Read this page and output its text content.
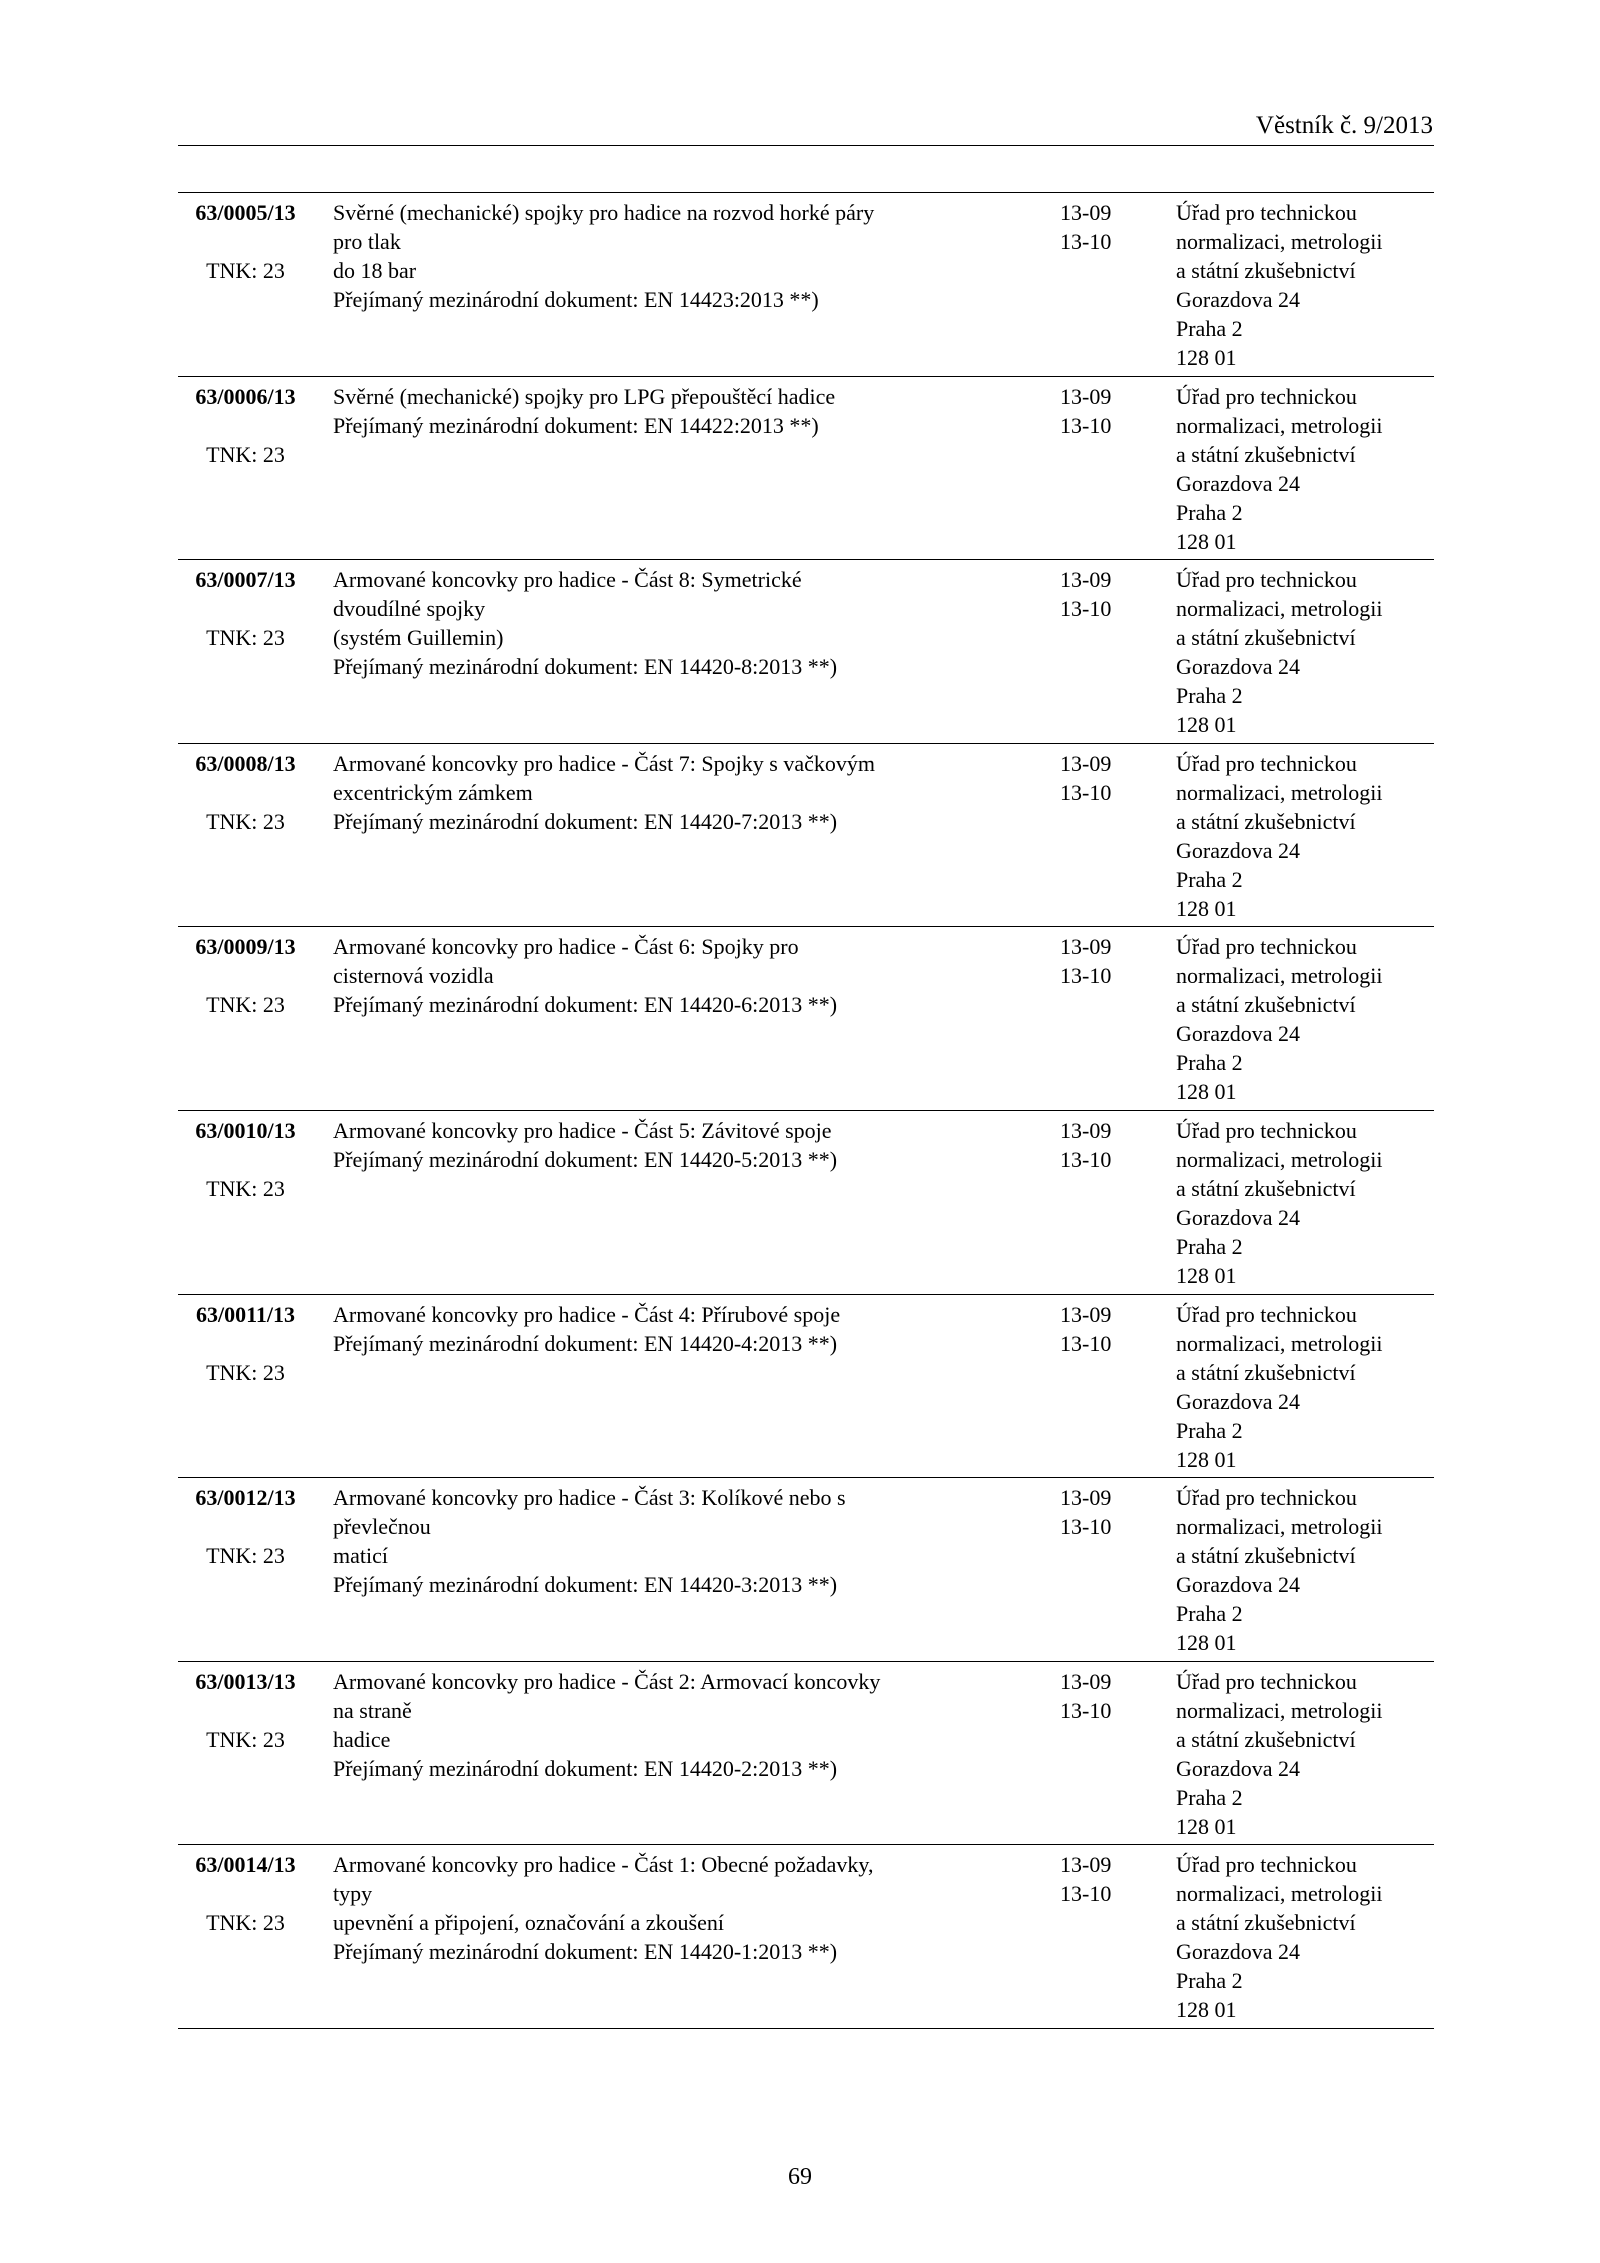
Věstník č. 9/2013
63/0005/13
TNK: 23
Svěrné (mechanické) spojky pro hadice na rozvod horké páry pro tlak
do 18 bar
Přejímaný mezinárodní dokument: EN 14423:2013 **)
13-09
13-10
Úřad pro technickou
normalizaci, metrologii
a státní zkušebnictví
Gorazdova 24
Praha 2
128 01
63/0006/13
TNK: 23
Svěrné (mechanické) spojky pro LPG přepouštěcí hadice
Přejímaný mezinárodní dokument: EN 14422:2013 **)
13-09
13-10
Úřad pro technickou
normalizaci, metrologii
a státní zkušebnictví
Gorazdova 24
Praha 2
128 01
63/0007/13
TNK: 23
Armované koncovky pro hadice - Část 8: Symetrické dvoudílné spojky
(systém Guillemin)
Přejímaný mezinárodní dokument: EN 14420-8:2013 **)
13-09
13-10
Úřad pro technickou
normalizaci, metrologii
a státní zkušebnictví
Gorazdova 24
Praha 2
128 01
63/0008/13
TNK: 23
Armované koncovky pro hadice - Část 7: Spojky s vačkovým
excentrickým zámkem
Přejímaný mezinárodní dokument: EN 14420-7:2013 **)
13-09
13-10
Úřad pro technickou
normalizaci, metrologii
a státní zkušebnictví
Gorazdova 24
Praha 2
128 01
63/0009/13
TNK: 23
Armované koncovky pro hadice - Část 6: Spojky pro cisternová vozidla
Přejímaný mezinárodní dokument: EN 14420-6:2013 **)
13-09
13-10
Úřad pro technickou
normalizaci, metrologii
a státní zkušebnictví
Gorazdova 24
Praha 2
128 01
63/0010/13
TNK: 23
Armované koncovky pro hadice - Část 5: Závitové spoje
Přejímaný mezinárodní dokument: EN 14420-5:2013 **)
13-09
13-10
Úřad pro technickou
normalizaci, metrologii
a státní zkušebnictví
Gorazdova 24
Praha 2
128 01
63/0011/13
TNK: 23
Armované koncovky pro hadice - Část 4: Přírubové spoje
Přejímaný mezinárodní dokument: EN 14420-4:2013 **)
13-09
13-10
Úřad pro technickou
normalizaci, metrologii
a státní zkušebnictví
Gorazdova 24
Praha 2
128 01
63/0012/13
TNK: 23
Armované koncovky pro hadice - Část 3: Kolíkové nebo s převlečnou
maticí
Přejímaný mezinárodní dokument: EN 14420-3:2013 **)
13-09
13-10
Úřad pro technickou
normalizaci, metrologii
a státní zkušebnictví
Gorazdova 24
Praha 2
128 01
63/0013/13
TNK: 23
Armované koncovky pro hadice - Část 2: Armovací koncovky na straně
hadice
Přejímaný mezinárodní dokument: EN 14420-2:2013 **)
13-09
13-10
Úřad pro technickou
normalizaci, metrologii
a státní zkušebnictví
Gorazdova 24
Praha 2
128 01
63/0014/13
TNK: 23
Armované koncovky pro hadice - Část 1: Obecné požadavky, typy
upevnění a připojení, označování a zkoušení
Přejímaný mezinárodní dokument: EN 14420-1:2013 **)
13-09
13-10
Úřad pro technickou
normalizaci, metrologii
a státní zkušebnictví
Gorazdova 24
Praha 2
128 01
69
